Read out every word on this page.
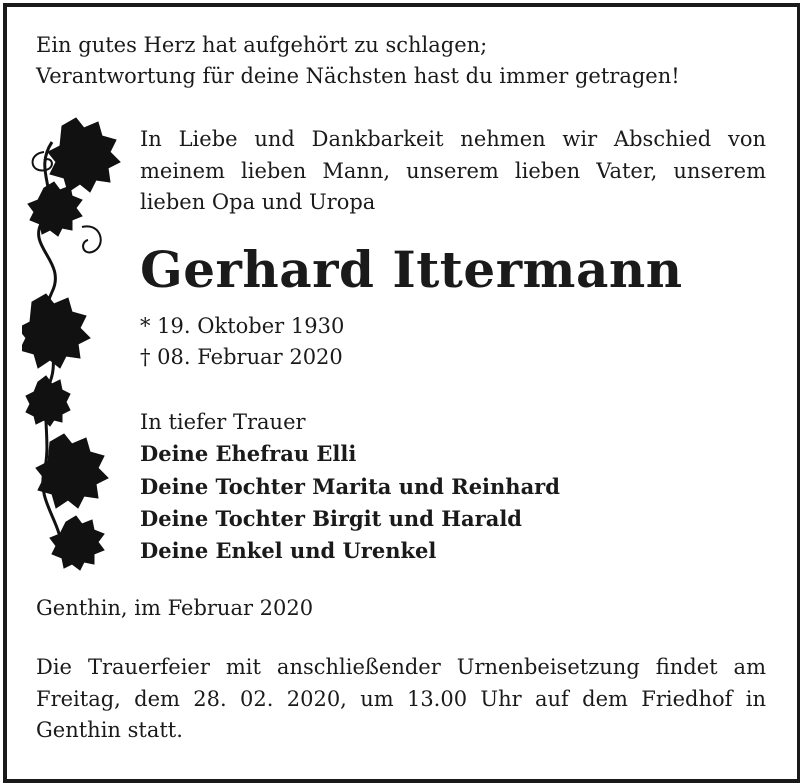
Ein gutes Herz hat aufgehört zu schlagen;
Verantwortung für deine Nächsten hast du immer getragen!
In Liebe und Dankbarkeit nehmen wir Abschied von
meinem lieben Mann, unserem lieben Vater, unserem
lieben Opa und Uropa
Gerhard Ittermann
* 19. Oktober 1930
† 08. Februar 2020
In tiefer Trauer
Deine Ehefrau Elli
Deine Tochter Marita und Reinhard
Deine Tochter Birgit und Harald
Deine Enkel und Urenkel
Genthin, im Februar 2020
Die Trauerfeier mit anschließender Urnenbeisetzung findet am
Freitag, dem 28. 02. 2020, um 13.00 Uhr auf dem Friedhof in
Genthin statt.
